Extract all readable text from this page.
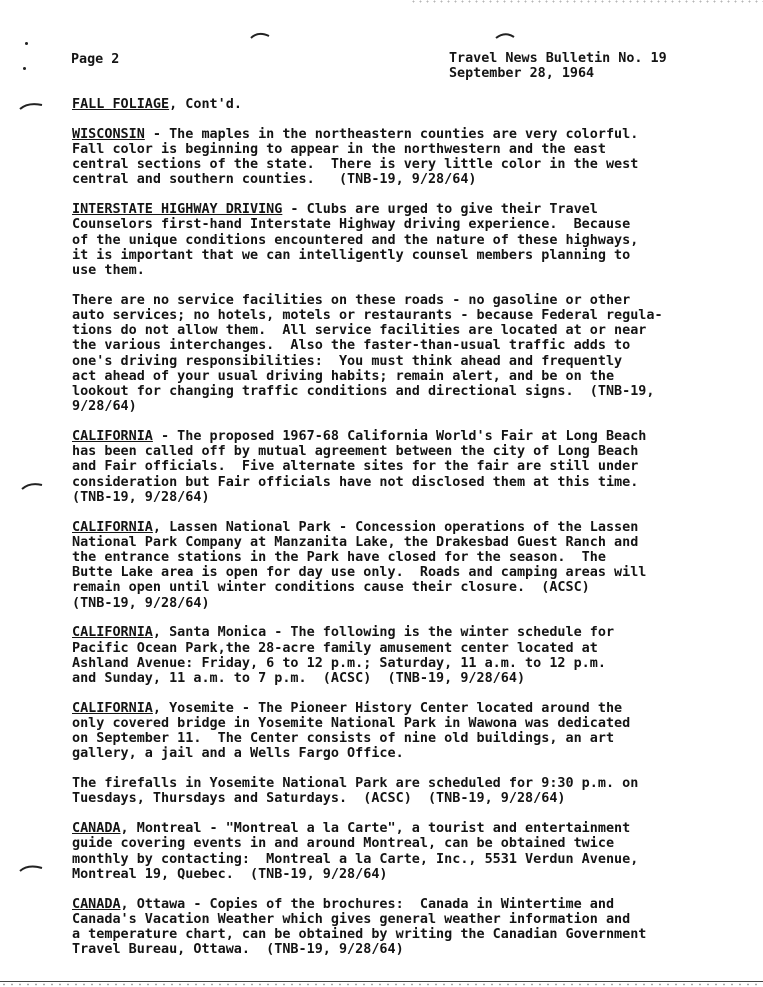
Page 2	Travel News Bulletin No. 19
September 28, 1964
FALL FOLIAGE, Cont'd.
WISCONSIN - The maples in the northeastern counties are very colorful.
Fall color is beginning to appear in the northwestern and the east
central sections of the state.  There is very little color in the west
central and southern counties.   (TNB-19, 9/28/64)
INTERSTATE HIGHWAY DRIVING - Clubs are urged to give their Travel
Counselors first-hand Interstate Highway driving experience.  Because
of the unique conditions encountered and the nature of these highways,
it is important that we can intelligently counsel members planning to
use them.
There are no service facilities on these roads - no gasoline or other
auto services; no hotels, motels or restaurants - because Federal regula-
tions do not allow them.  All service facilities are located at or near
the various interchanges.  Also the faster-than-usual traffic adds to
one's driving responsibilities:  You must think ahead and frequently
act ahead of your usual driving habits; remain alert, and be on the
lookout for changing traffic conditions and directional signs.  (TNB-19,
9/28/64)
CALIFORNIA - The proposed 1967-68 California World's Fair at Long Beach
has been called off by mutual agreement between the city of Long Beach
and Fair officials.  Five alternate sites for the fair are still under
consideration but Fair officials have not disclosed them at this time.
(TNB-19, 9/28/64)
CALIFORNIA, Lassen National Park - Concession operations of the Lassen
National Park Company at Manzanita Lake, the Drakesbad Guest Ranch and
the entrance stations in the Park have closed for the season.  The
Butte Lake area is open for day use only.  Roads and camping areas will
remain open until winter conditions cause their closure.  (ACSC)
(TNB-19, 9/28/64)
CALIFORNIA, Santa Monica - The following is the winter schedule for
Pacific Ocean Park,the 28-acre family amusement center located at
Ashland Avenue: Friday, 6 to 12 p.m.; Saturday, 11 a.m. to 12 p.m.
and Sunday, 11 a.m. to 7 p.m.  (ACSC)  (TNB-19, 9/28/64)
CALIFORNIA, Yosemite - The Pioneer History Center located around the
only covered bridge in Yosemite National Park in Wawona was dedicated
on September 11.  The Center consists of nine old buildings, an art
gallery, a jail and a Wells Fargo Office.
The firefalls in Yosemite National Park are scheduled for 9:30 p.m. on
Tuesdays, Thursdays and Saturdays.  (ACSC)  (TNB-19, 9/28/64)
CANADA, Montreal - "Montreal a la Carte", a tourist and entertainment
guide covering events in and around Montreal, can be obtained twice
monthly by contacting:  Montreal a la Carte, Inc., 5531 Verdun Avenue,
Montreal 19, Quebec.  (TNB-19, 9/28/64)
CANADA, Ottawa - Copies of the brochures:  Canada in Wintertime and
Canada's Vacation Weather which gives general weather information and
a temperature chart, can be obtained by writing the Canadian Government
Travel Bureau, Ottawa.  (TNB-19, 9/28/64)
